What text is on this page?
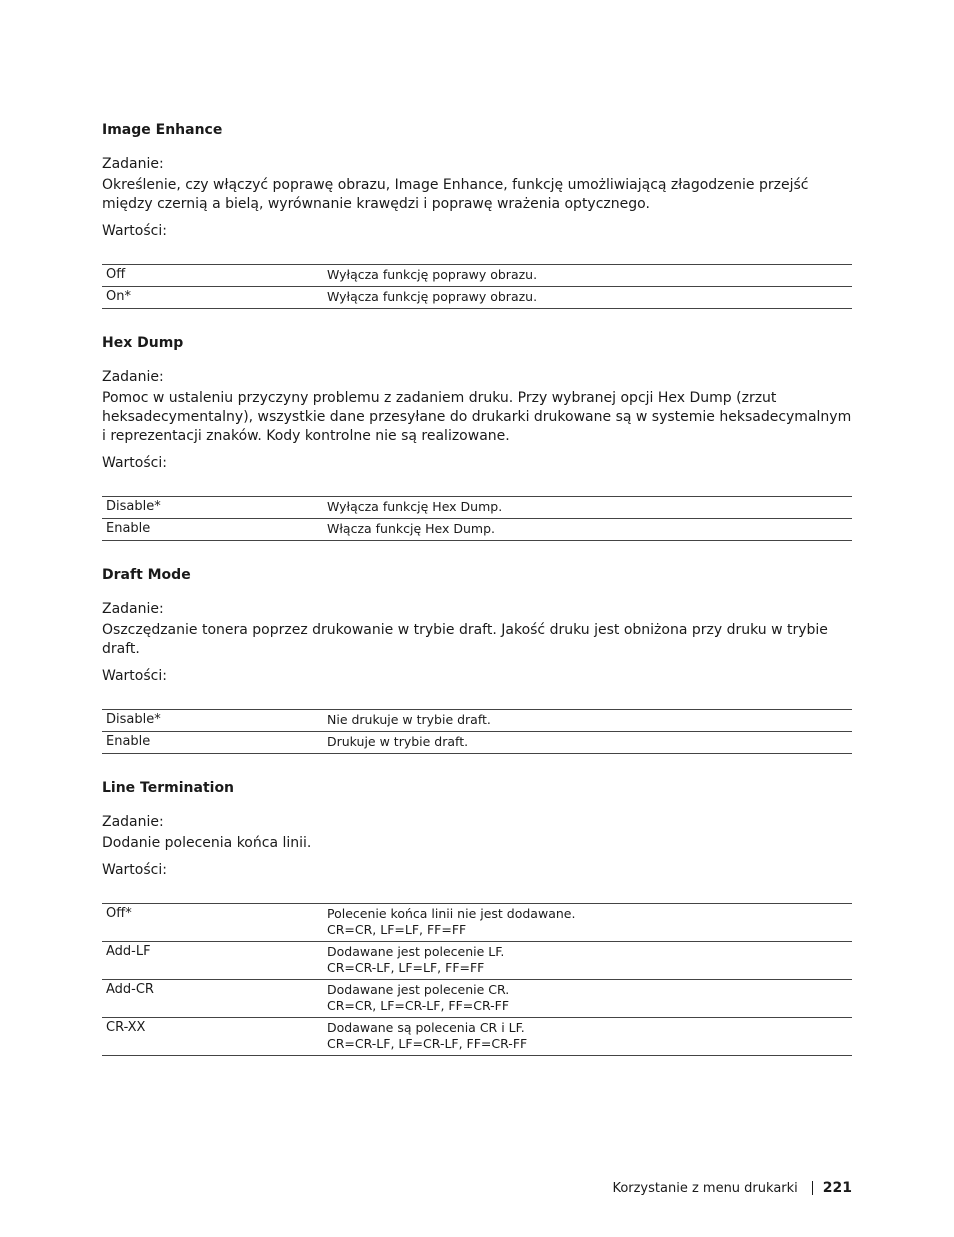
Image Enhance
Zadanie:
Określenie, czy włączyć poprawę obrazu, Image Enhance, funkcję umożliwiającą złagodzenie przejść między czernią a bielą, wyrównanie krawędzi i poprawę wrażenia optycznego.
Wartości:
Off	Wyłącza funkcję poprawy obrazu.

On*	Wyłącza funkcję poprawy obrazu.
Hex Dump
Zadanie:
Pomoc w ustaleniu przyczyny problemu z zadaniem druku. Przy wybranej opcji Hex Dump (zrzut heksadecymentalny), wszystkie dane przesyłane do drukarki drukowane są w systemie heksadecymalnym i reprezentacji znaków. Kody kontrolne nie są realizowane.
Wartości:
Disable*	Wyłącza funkcję Hex Dump.

Enable	Włącza funkcję Hex Dump.
Draft Mode
Zadanie:
Oszczędzanie tonera poprzez drukowanie w trybie draft. Jakość druku jest obniżona przy druku w trybie draft.
Wartości:
Disable*	Nie drukuje w trybie draft.

Enable	Drukuje w trybie draft.
Line Termination
Zadanie:
Dodanie polecenia końca linii.
Wartości:
Off*	Polecenie końca linii nie jest dodawane.
CR=CR, LF=LF, FF=FF

Add-LF	Dodawane jest polecenie LF.
CR=CR-LF, LF=LF, FF=FF

Add-CR	Dodawane jest polecenie CR.
CR=CR, LF=CR-LF, FF=CR-FF

CR-XX	Dodawane są polecenia CR i LF.
CR=CR-LF, LF=CR-LF, FF=CR-FF
Korzystanie z menu drukarki 221
